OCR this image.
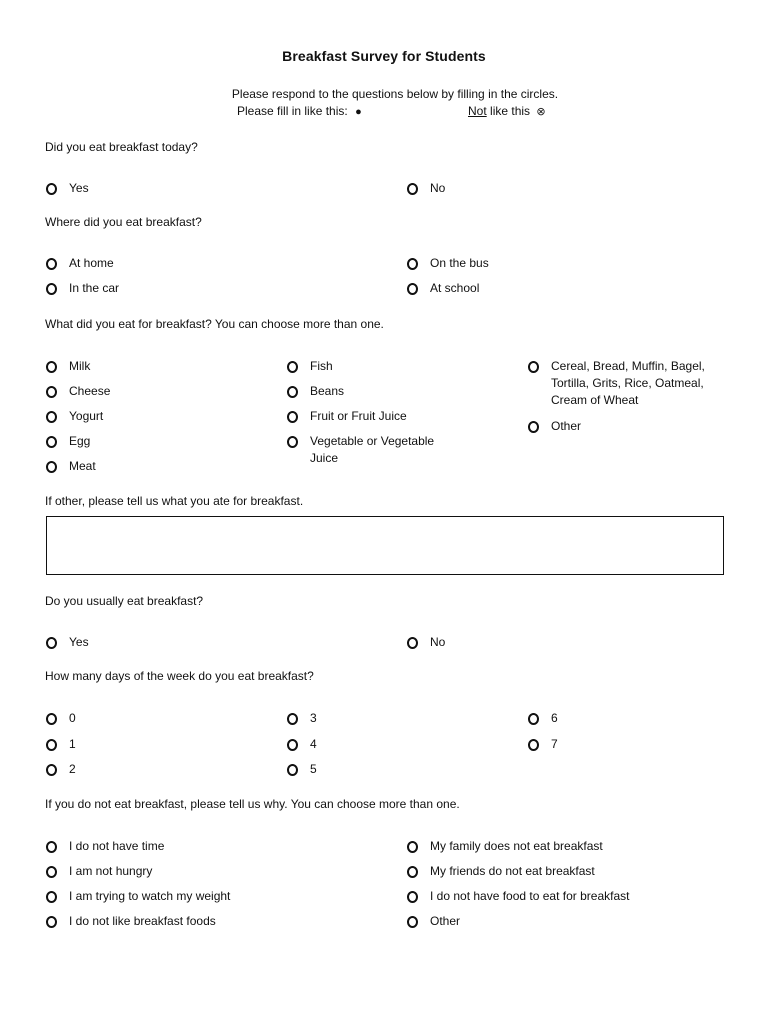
Breakfast Survey for Students
Please respond to the questions below by filling in the circles.
Please fill in like this: ●	Not like this ⊗
Did you eat breakfast today?
Yes	No
Where did you eat breakfast?
At home	On the bus
In the car	At school
What did you eat for breakfast? You can choose more than one.
Milk
Cheese
Yogurt
Egg
Meat
Fish
Beans
Fruit or Fruit Juice
Vegetable or Vegetable Juice
Cereal, Bread, Muffin, Bagel, Tortilla, Grits, Rice, Oatmeal, Cream of Wheat
Other
If other, please tell us what you ate for breakfast.
Do you usually eat breakfast?
Yes	No
How many days of the week do you eat breakfast?
0
1
2
3
4
5
6
7
If you do not eat breakfast, please tell us why. You can choose more than one.
I do not have time
I am not hungry
I am trying to watch my weight
I do not like breakfast foods
My family does not eat breakfast
My friends do not eat breakfast
I do not have food to eat for breakfast
Other
